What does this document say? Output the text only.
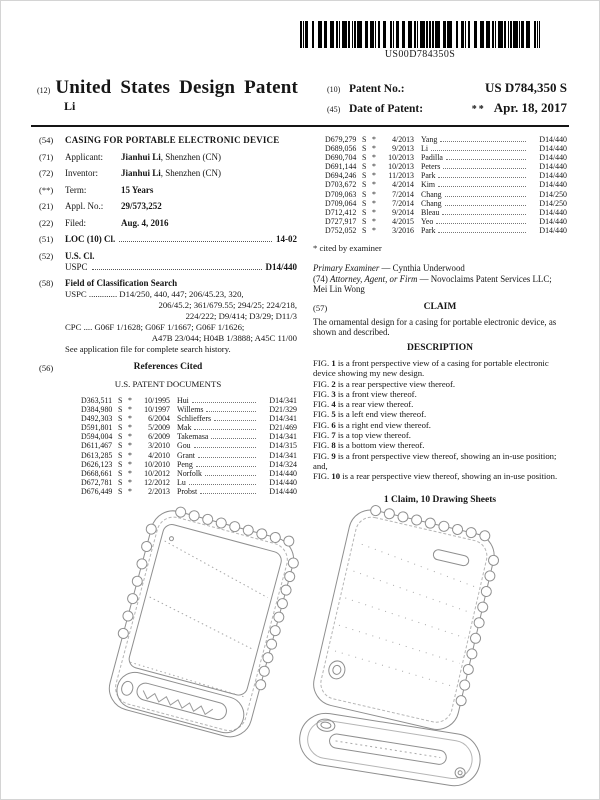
US00D784350S
(12) United States Design Patent
Li
(10) Patent No.:	US D784,350 S
(45) Date of Patent:	** Apr. 18, 2017
(54)	CASING FOR PORTABLE ELECTRONIC DEVICE
(71)	Applicant:	Jianhui Li, Shenzhen (CN)
(72)	Inventor:	Jianhui Li, Shenzhen (CN)
(**)	Term:	15 Years
(21)	Appl. No.:	29/573,252
(22)	Filed:	Aug. 4, 2016
(51)	LOC (10) Cl.	14-02
(52)	U.S. Cl.
USPC	D14/440
(58)	Field of Classification Search
USPC ............. D14/250, 440, 447; 206/45.23, 320,
206/45.2; 361/679.55; 294/25; 224/218,
224/222; D9/414; D3/29; D11/3
CPC .... G06F 1/1628; G06F 1/1667; G06F 1/1626;
A47B 23/044; H04B 1/3888; A45C 11/00
See application file for complete search history.
(56)	References Cited
U.S. PATENT DOCUMENTS
D363,511 S *	10/1995 Hui	D14/341
D384,980 S *	10/1997 Willems	D21/329
D492,303 S *	6/2004 Schlieffers	D14/341
D591,801 S *	5/2009 Mak	D21/469
D594,004 S *	6/2009 Takemasa	D14/341
D611,467 S *	3/2010 Gou	D14/315
D613,285 S *	4/2010 Grant	D14/341
D626,123 S *	10/2010 Peng	D14/324
D668,661 S *	10/2012 Norfolk	D14/440
D672,781 S *	12/2012 Lu	D14/440
D676,449 S *	2/2013 Probst	D14/440
D679,279 S *	4/2013 Yang	D14/440
D689,056 S *	9/2013 Li	D14/440
D690,704 S *	10/2013 Padilla	D14/440
D691,144 S *	10/2013 Peters	D14/440
D694,246 S *	11/2013 Park	D14/440
D703,672 S *	4/2014 Kim	D14/440
D709,063 S *	7/2014 Chang	D14/250
D709,064 S *	7/2014 Chang	D14/250
D712,412 S *	9/2014 Bleau	D14/440
D727,917 S *	4/2015 Yeo	D14/440
D752,052 S *	3/2016 Park	D14/440
* cited by examiner
Primary Examiner — Cynthia Underwood
(74) Attorney, Agent, or Firm — Novoclaims Patent Services LLC; Mei Lin Wong
(57)	CLAIM
The ornamental design for a casing for portable electronic device, as shown and described.
DESCRIPTION
FIG. 1 is a front perspective view of a casing for portable electronic device showing my new design.
FIG. 2 is a rear perspective view thereof.
FIG. 3 is a front view thereof.
FIG. 4 is a rear view thereof.
FIG. 5 is a left end view thereof.
FIG. 6 is a right end view thereof.
FIG. 7 is a top view thereof.
FIG. 8 is a bottom view thereof.
FIG. 9 is a front perspective view thereof, showing an in-use position; and,
FIG. 10 is a rear perspective view thereof, showing an in-use position.
1 Claim, 10 Drawing Sheets
